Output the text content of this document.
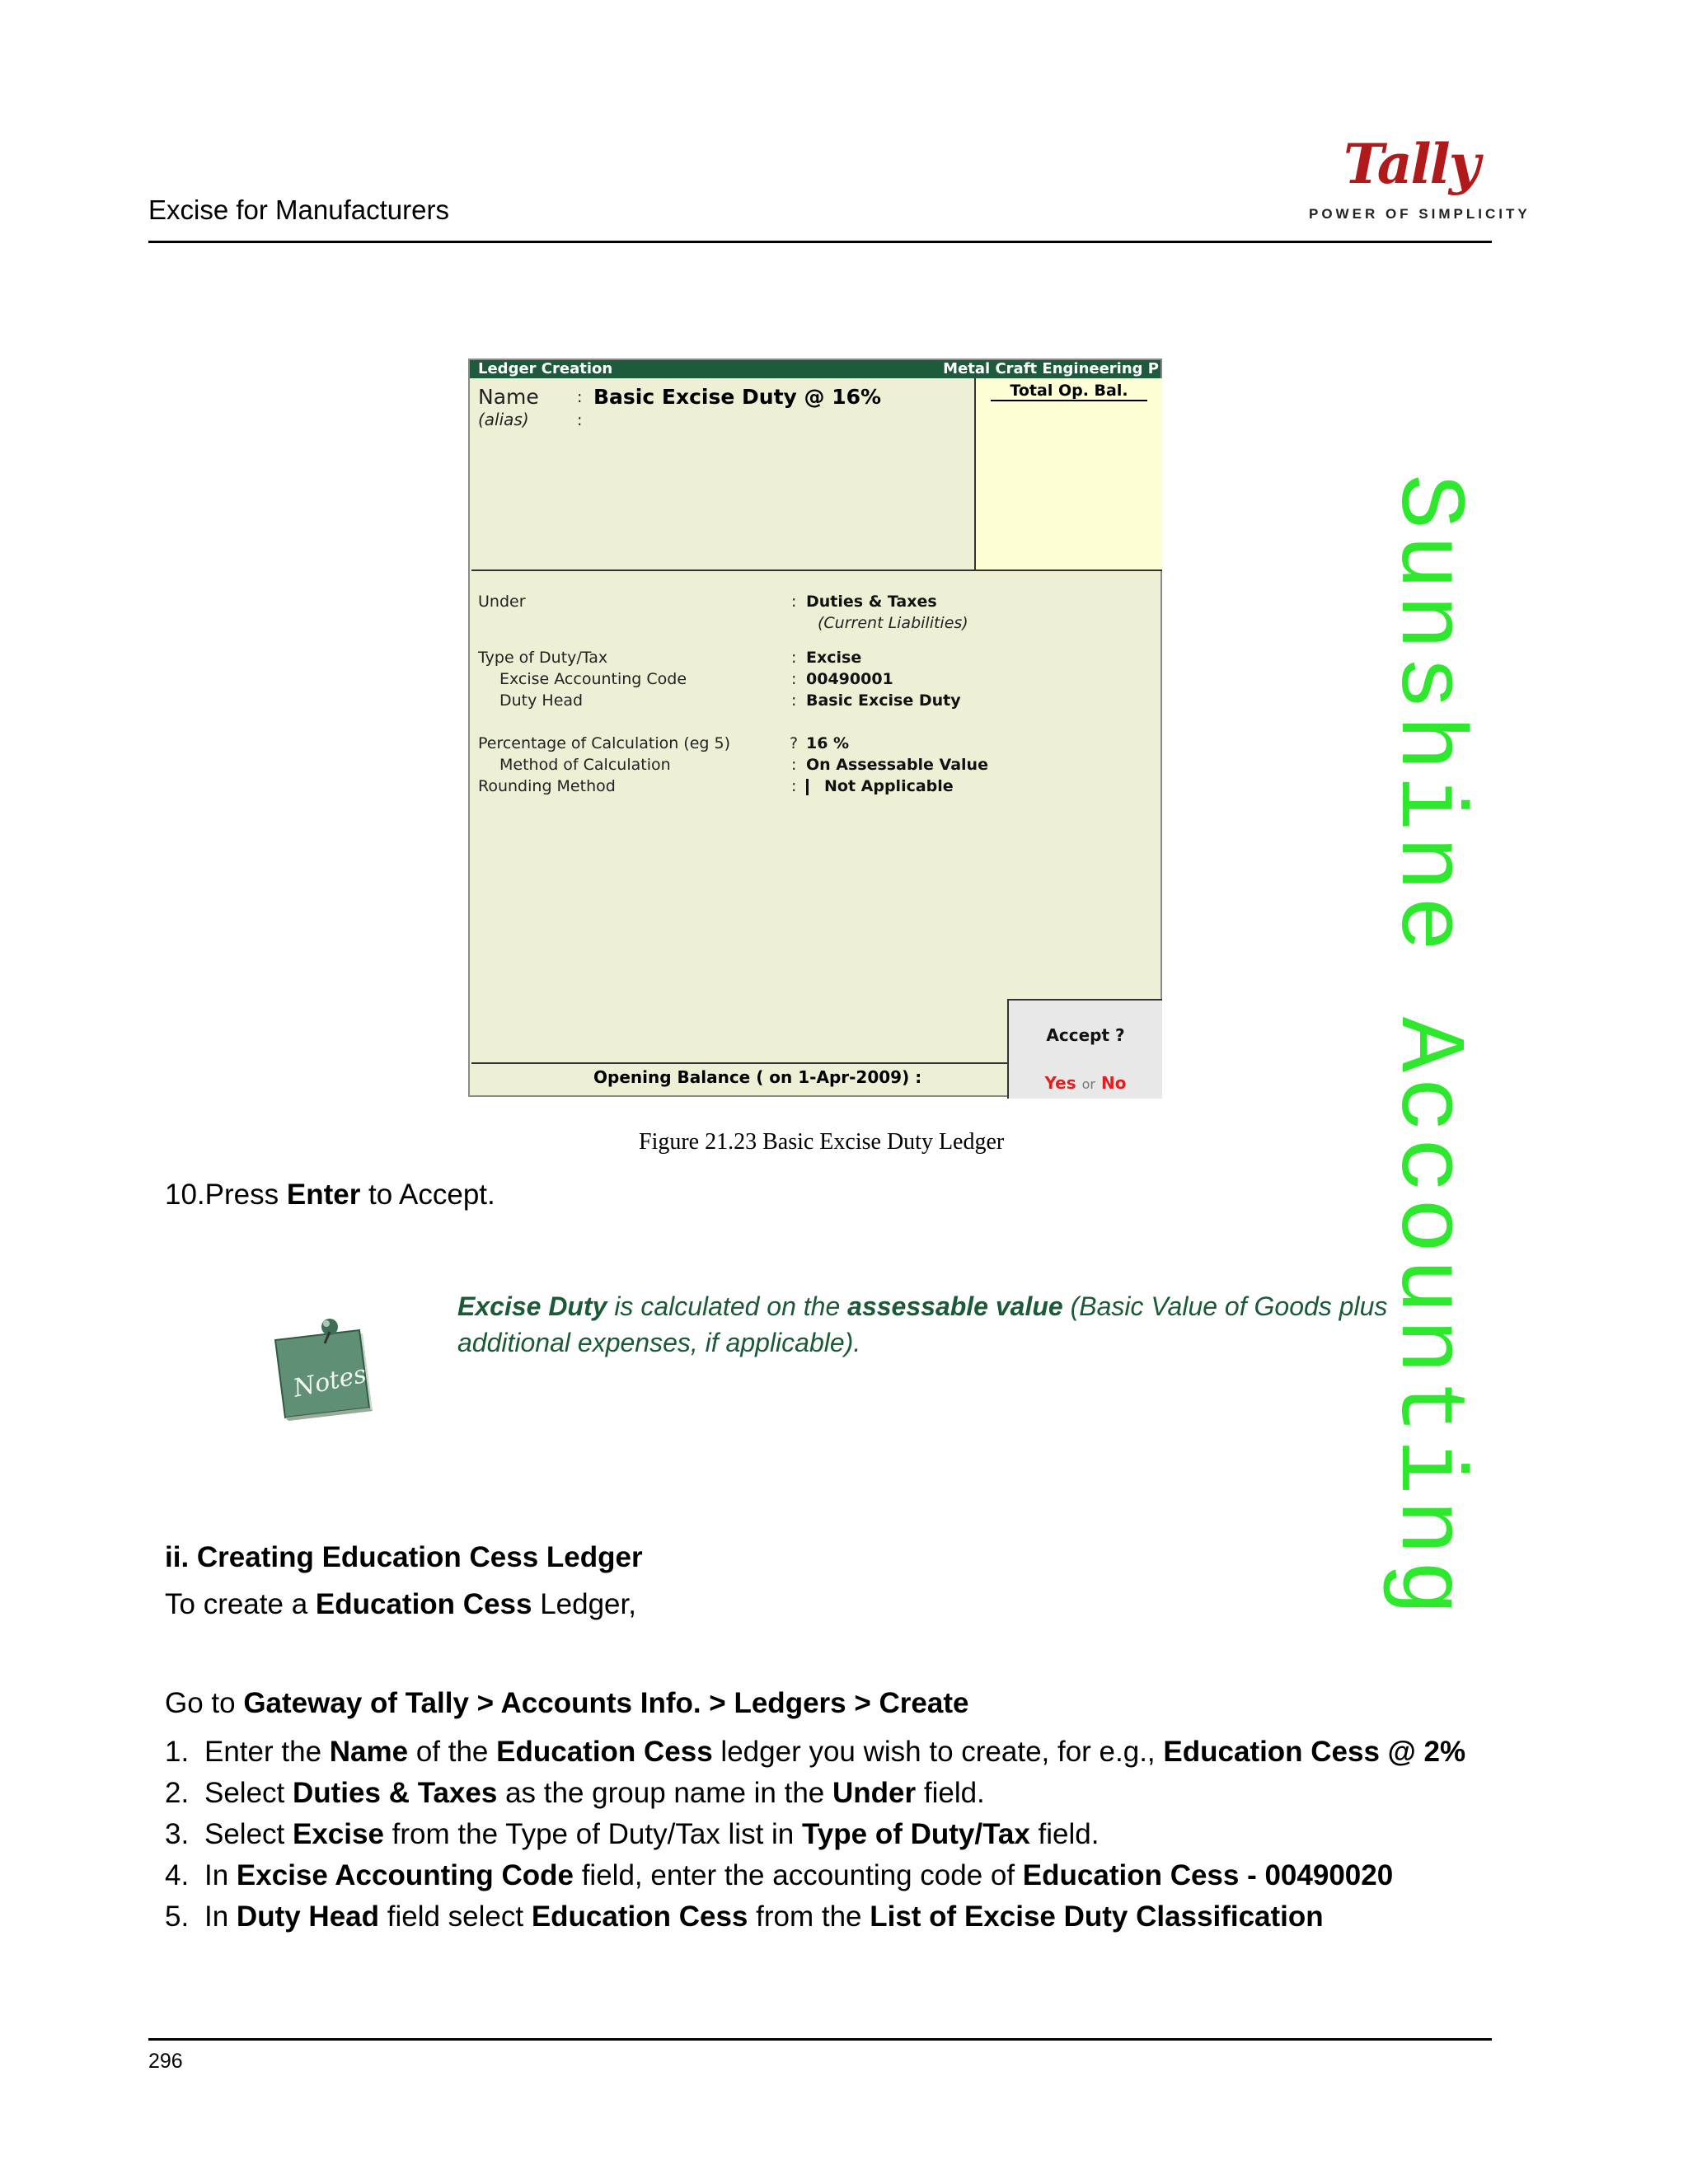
Excise for Manufacturers
Tally
POWER OF SIMPLICITY
Sunshine Accounting
Ledger Creation	Metal Craft Engineering P
Total Op. Bal.
Name : Basic Excise Duty @ 16%
(alias)	:
Under	: Duties & Taxes
(Current Liabilities)
Type of Duty/Tax	: Excise
Excise Accounting Code	: 00490001
Duty Head	: Basic Excise Duty
Percentage of Calculation (eg 5)	? 16 %
Method of Calculation	: On Assessable Value
Rounding Method	: Not Applicable
Opening Balance ( on 1-Apr-2009) :
Accept ?
Yes or No
Figure 21.23 Basic Excise Duty Ledger
10.Press Enter to Accept.
Notes
Excise Duty is calculated on the assessable value (Basic Value of Goods plus additional expenses, if applicable).
ii. Creating Education Cess Ledger
To create a Education Cess Ledger,
Go to Gateway of Tally > Accounts Info. > Ledgers > Create
1. Enter the Name of the Education Cess ledger you wish to create, for e.g., Education Cess @ 2%
2. Select Duties & Taxes as the group name in the Under field.
3. Select Excise from the Type of Duty/Tax list in Type of Duty/Tax field.
4. In Excise Accounting Code field, enter the accounting code of Education Cess - 00490020
5. In Duty Head field select Education Cess from the List of Excise Duty Classification
296
